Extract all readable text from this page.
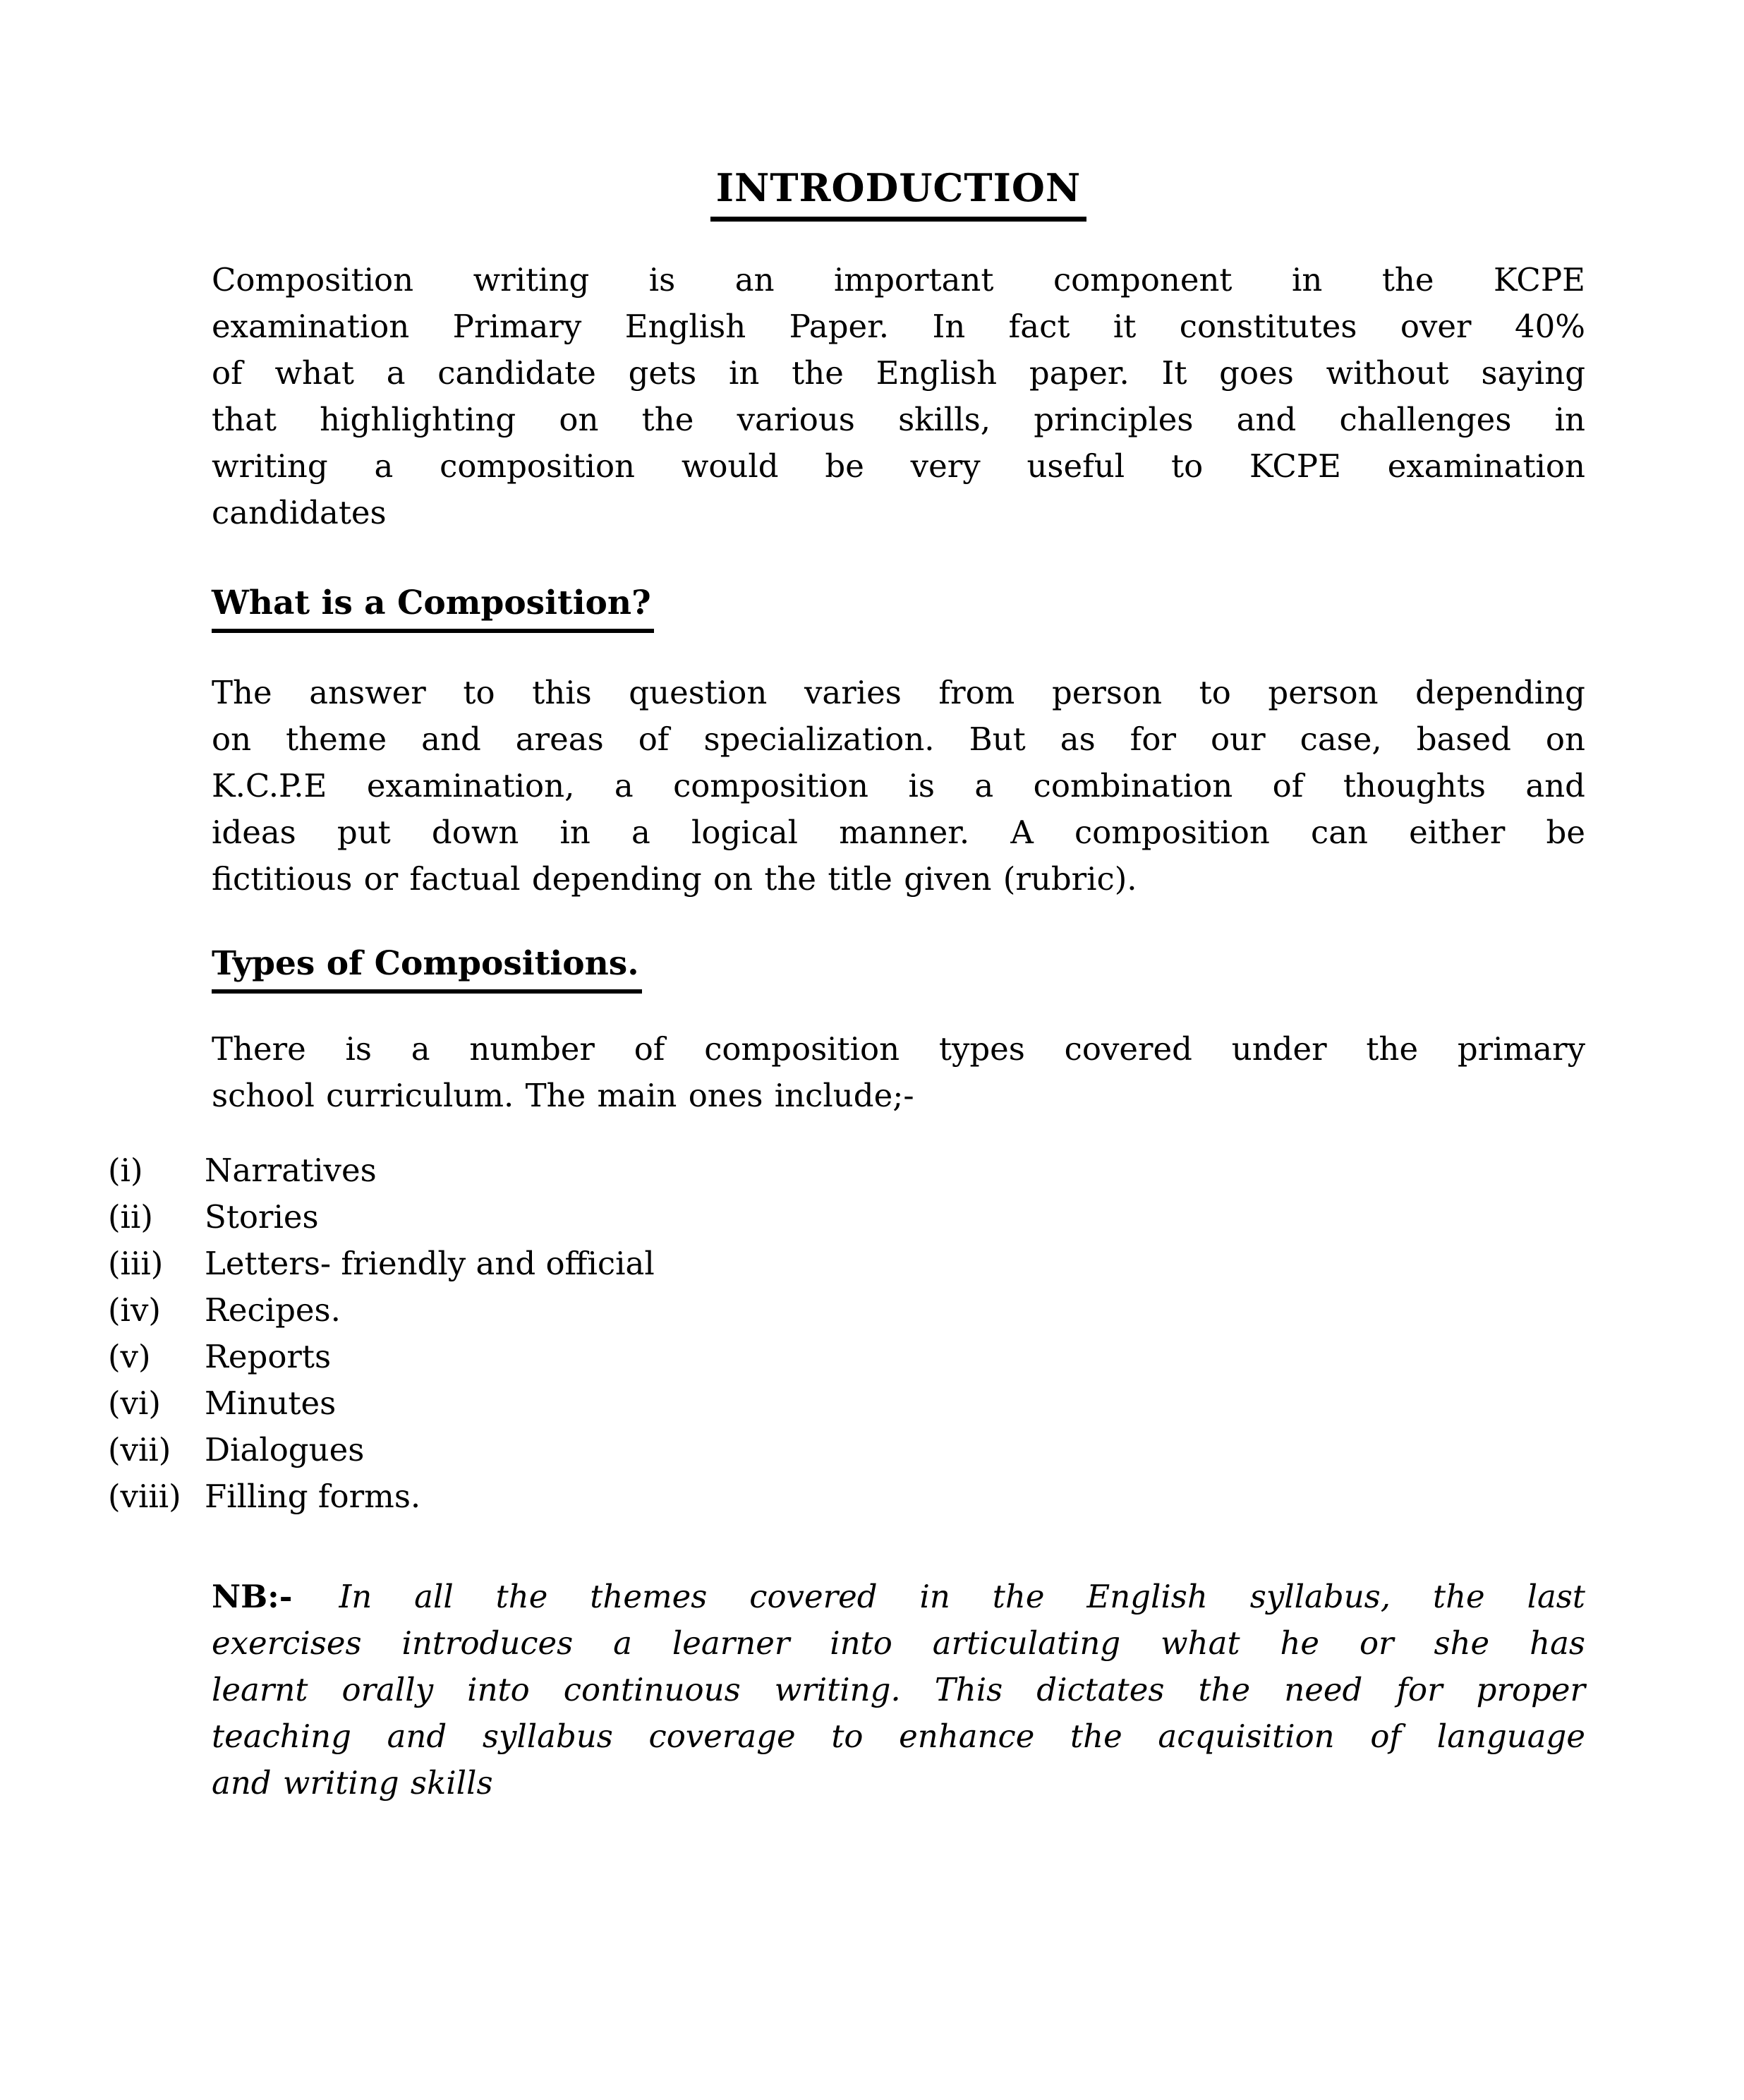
INTRODUCTION
Composition writing is an important component in the KCPE
examination Primary English Paper. In fact it constitutes over 40%
of what a candidate gets in the English paper. It goes without saying
that highlighting on the various skills, principles and challenges in
writing a composition would be very useful to KCPE examination
candidates
What is a Composition?
The answer to this question varies from person to person depending
on theme and areas of specialization. But as for our case, based on
K.C.P.E examination, a composition is a combination of thoughts and
ideas put down in a logical manner. A composition can either be
fictitious or factual depending on the title given (rubric).
Types of Compositions.
There is a number of composition types covered under the primary
school curriculum. The main ones include;-
(i)	Narratives
(ii)	Stories
(iii)	Letters- friendly and official
(iv)	Recipes.
(v)	Reports
(vi)	Minutes
(vii)	Dialogues
(viii) Filling forms.
NB:- In all the themes covered in the English syllabus, the last
exercises introduces a learner into articulating what he or she has
learnt orally into continuous writing. This dictates the need for proper
teaching and syllabus coverage to enhance the acquisition of language
and writing skills
